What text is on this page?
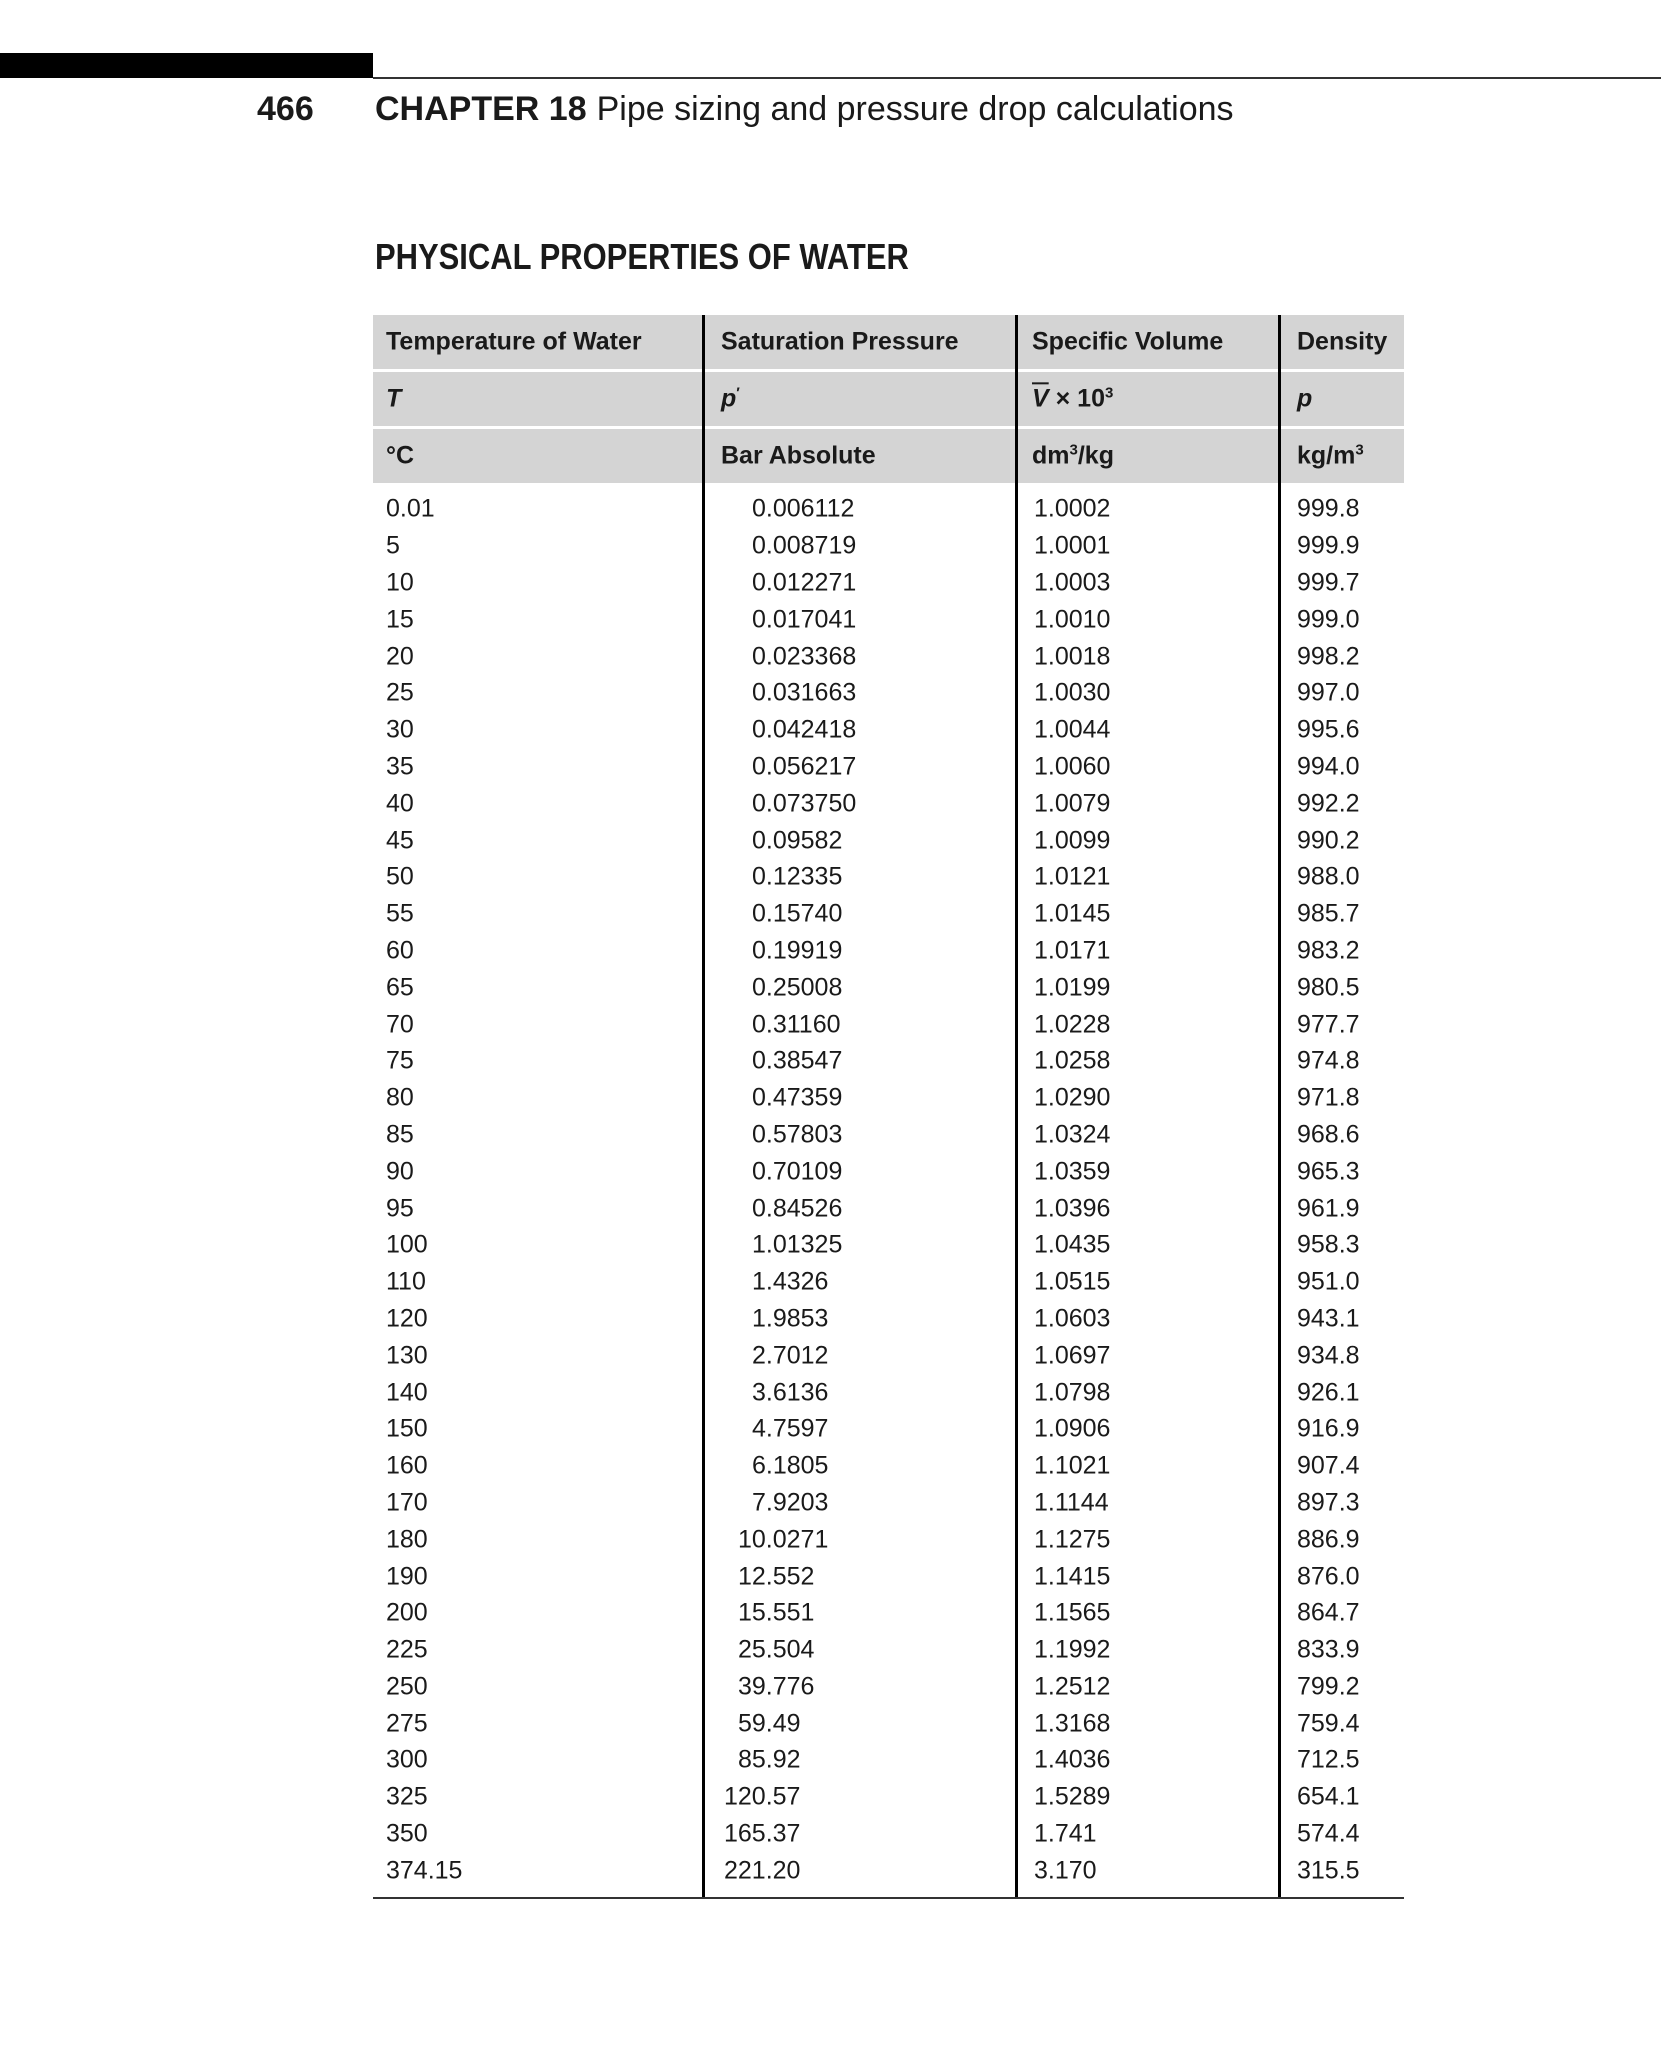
466 CHAPTER 18 Pipe sizing and pressure drop calculations
PHYSICAL PROPERTIES OF WATER
Temperature of Water	Saturation Pressure	Specific Volume	Density
T	p′	$\overline{V} \times 10^3$	p
°C	Bar Absolute	$dm^3/kg$	$kg/m^3$
0.01	0.006112	1.0002	999.8
5	0.008719	1.0001	999.9
10	0.012271	1.0003	999.7
15	0.017041	1.0010	999.0
20	0.023368	1.0018	998.2
25	0.031663	1.0030	997.0
30	0.042418	1.0044	995.6
35	0.056217	1.0060	994.0
40	0.073750	1.0079	992.2
45	0.09582	1.0099	990.2
50	0.12335	1.0121	988.0
55	0.15740	1.0145	985.7
60	0.19919	1.0171	983.2
65	0.25008	1.0199	980.5
70	0.31160	1.0228	977.7
75	0.38547	1.0258	974.8
80	0.47359	1.0290	971.8
85	0.57803	1.0324	968.6
90	0.70109	1.0359	965.3
95	0.84526	1.0396	961.9
100	1.01325	1.0435	958.3
110	1.4326	1.0515	951.0
120	1.9853	1.0603	943.1
130	2.7012	1.0697	934.8
140	3.6136	1.0798	926.1
150	4.7597	1.0906	916.9
160	6.1805	1.1021	907.4
170	7.9203	1.1144	897.3
180	10.0271	1.1275	886.9
190	12.552	1.1415	876.0
200	15.551	1.1565	864.7
225	25.504	1.1992	833.9
250	39.776	1.2512	799.2
275	59.49	1.3168	759.4
300	85.92	1.4036	712.5
325	120.57	1.5289	654.1
350	165.37	1.741	574.4
374.15	221.20	3.170	315.5
